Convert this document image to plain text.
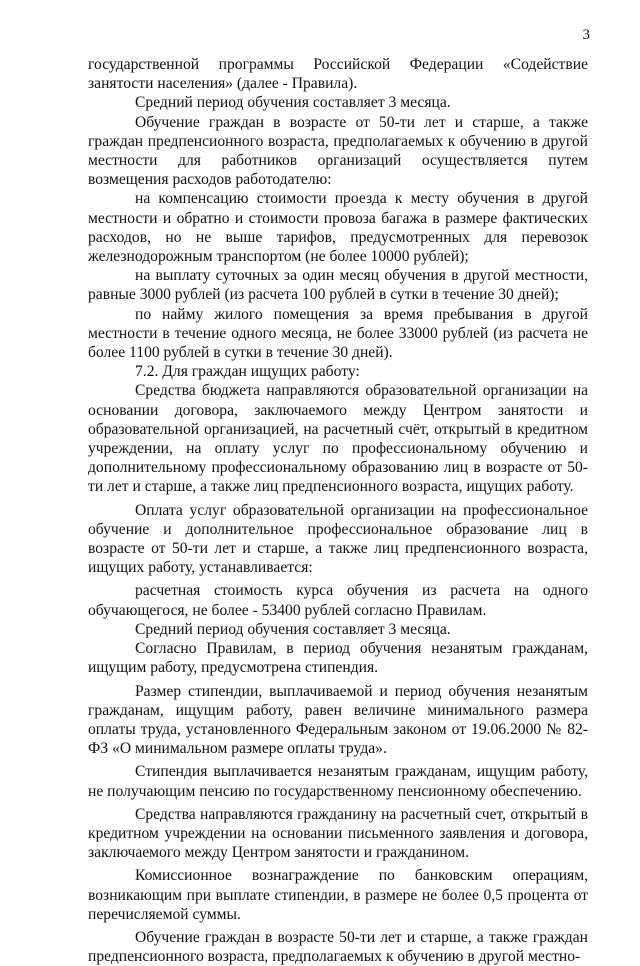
3

государственной программы Российской Федерации «Содействие занятости населения» (далее - Правила).

Средний период обучения составляет 3 месяца.

Обучение граждан в возрасте от 50-ти лет и старше, а также граждан предпенсионного возраста, предполагаемых к обучению в другой местности для работников организаций осуществляется путем возмещения расходов работодателю:

на компенсацию стоимости проезда к месту обучения в другой местности и обратно и стоимости провоза багажа в размере фактических расходов, но не выше тарифов, предусмотренных для перевозок железнодорожным транспортом (не более 10000 рублей);

на выплату суточных за один месяц обучения в другой местности, равные 3000 рублей (из расчета 100 рублей в сутки в течение 30 дней);

по найму жилого помещения за время пребывания в другой местности в течение одного месяца, не более 33000 рублей (из расчета не более 1100 рублей в сутки в течение 30 дней).

7.2. Для граждан ищущих работу:

Средства бюджета направляются образовательной организации на основании договора, заключаемого между Центром занятости и образовательной организацией, на расчетный счёт, открытый в кредитном учреждении, на оплату услуг по профессиональному обучению и дополнительному профессиональному образованию лиц в возрасте от 50-ти лет и старше, а также лиц предпенсионного возраста, ищущих работу.

Оплата услуг образовательной организации на профессиональное обучение и дополнительное профессиональное образование лиц в возрасте от 50-ти лет и старше, а также лиц предпенсионного возраста, ищущих работу, устанавливается:

расчетная стоимость курса обучения из расчета на одного обучающегося, не более - 53400 рублей согласно Правилам.

Средний период обучения составляет 3 месяца.

Согласно Правилам, в период обучения незанятым гражданам, ищущим работу, предусмотрена стипендия.

Размер стипендии, выплачиваемой и период обучения незанятым гражданам, ищущим работу, равен величине минимального размера оплаты труда, установленного Федеральным законом от 19.06.2000 № 82-ФЗ «О минимальном размере оплаты труда».

Стипендия выплачивается незанятым гражданам, ищущим работу, не получающим пенсию по государственному пенсионному обеспечению.

Средства направляются гражданину на расчетный счет, открытый в кредитном учреждении на основании письменного заявления и договора, заключаемого между Центром занятости и гражданином.

Комиссионное вознаграждение по банковским операциям, возникающим при выплате стипендии, в размере не более 0,5 процента от перечисляемой суммы.

Обучение граждан в возрасте 50-ти лет и старше, а также граждан предпенсионного возраста, предполагаемых к обучению в другой местно-
